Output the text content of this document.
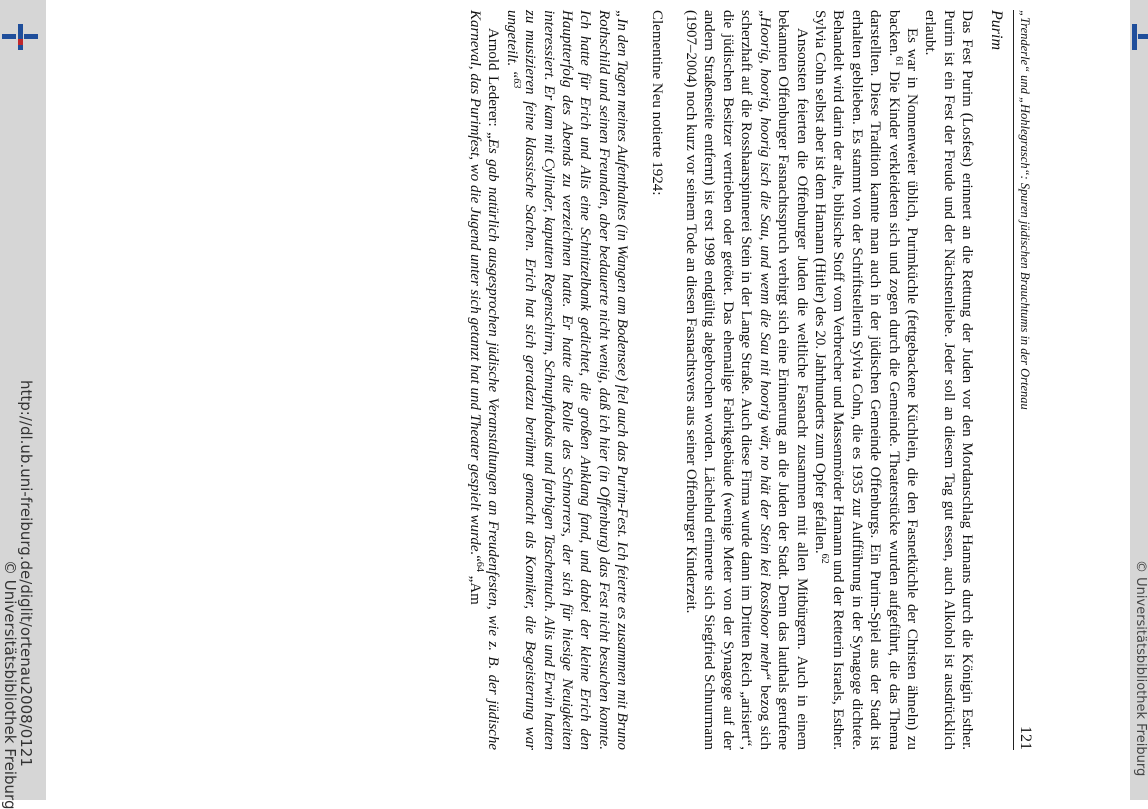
http://dl.ub.uni-freiburg.de/diglit/ortenau2008/0121
© Universitätsbibliothek Freiburg	© Universitätsbibliothek Freiburg
„Trenderle“ und „Hohlegrasch“: Spuren jüdischen Brauchtums in der Ortenau
121
Purim

Das Fest Purim (Losfest) erinnert an die Rettung der Juden vor den Mordanschlag Hamans durch die Königin Esther. Purim ist ein Fest der Freude und der Nächstenliebe. Jeder soll an diesem Tag gut essen, auch Alkohol ist ausdrücklich erlaubt.

Es war in Nonnenweier üblich, Purimküchle (fettgebackene Küchlein, die den Fasnetküchle der Christen ähneln) zu backen.$^{61}$ Die Kinder verkleideten sich und zogen durch die Gemeinde. Theaterstücke wurden aufgeführt, die das Thema darstellten. Diese Tradition kannte man auch in der jüdischen Gemeinde Offenburgs. Ein Purim-Spiel aus der Stadt ist erhalten geblieben. Es stammt von der Schriftstellerin Sylvia Cohn, die es 1935 zur Aufführung in der Synagoge dichtete. Behandelt wird darin der alte, biblische Stoff vom Verbrecher und Massenmörder Hamann und der Retterin Israels, Esther. Sylvia Cohn selbst aber ist dem Hamann (Hitler) des 20. Jahrhunderts zum Opfer gefallen.$^{62}$

Ansonsten feierten die Offenburger Juden die weltliche Fasnacht zusammen mit allen Mitbürgern. Auch in einem bekannten Offenburger Fasnachtsspruch verbirgt sich eine Erinnerung an die Juden der Stadt. Denn das lauthals gerufene „Hoorig, hoorig, hoorig isch die Sau, und wenn die Sau nit hoorig wär, no hät der Stein kei Rosshoor mehr“ bezog sich scherzhaft auf die Rosshaarspinnerei Stein in der Lange Straße. Auch diese Firma wurde dann im Dritten Reich „arisiert“, die jüdischen Besitzer vertrieben oder getötet. Das ehemalige Fabrikgebäude (wenige Meter von der Synagoge auf der andern Straßenseite entfernt) ist erst 1998 endgültig abgebrochen worden. Lächelnd erinnerte sich Siegfried Schnurmann (1907–2004) noch kurz vor seinem Tode an diesen Fasnachtsvers aus seiner Offenburger Kinderzeit.

Clementine Neu notierte 1924:

„In den Tagen meines Aufenthaltes (in Wangen am Bodensee) fiel auch das Purim-Fest. Ich feierte es zusammen mit Bruno Rothschild und seinen Freunden, aber bedauerte nicht wenig, daß ich hier (in Offenburg) das Fest nicht besuchen konnte. Ich hatte für Erich und Alis eine Schnitzelbank gedichtet, die großen Anklang fand, und dabei der kleine Erich den Hauptterfolg des Abends zu verzeichnen hatte. Er hatte die Rolle des Schnorrers, der sich für hiesige Neuigkeiten interessiert. Er kam mit Cylinder, kaputten Regenschirm, Schnupftabaks und farbigen Taschentuch. Alis und Erwin hatten zu musizieren feine klassische Sachen. Erich hat sich geradezu berühmt gemacht als Komiker, die Begeisterung war ungeteilt. “$^{63}$

Arnold Lederer: „Es gab natürlich ausgesprochen jüdische Veranstaltungen an Freudenfesten, wie z. B. der jüdische Karneval, das Purimfest, wo die Jugend unter sich getanzt hat und Theater gespielt wurde.“$^{64}$ „Am
